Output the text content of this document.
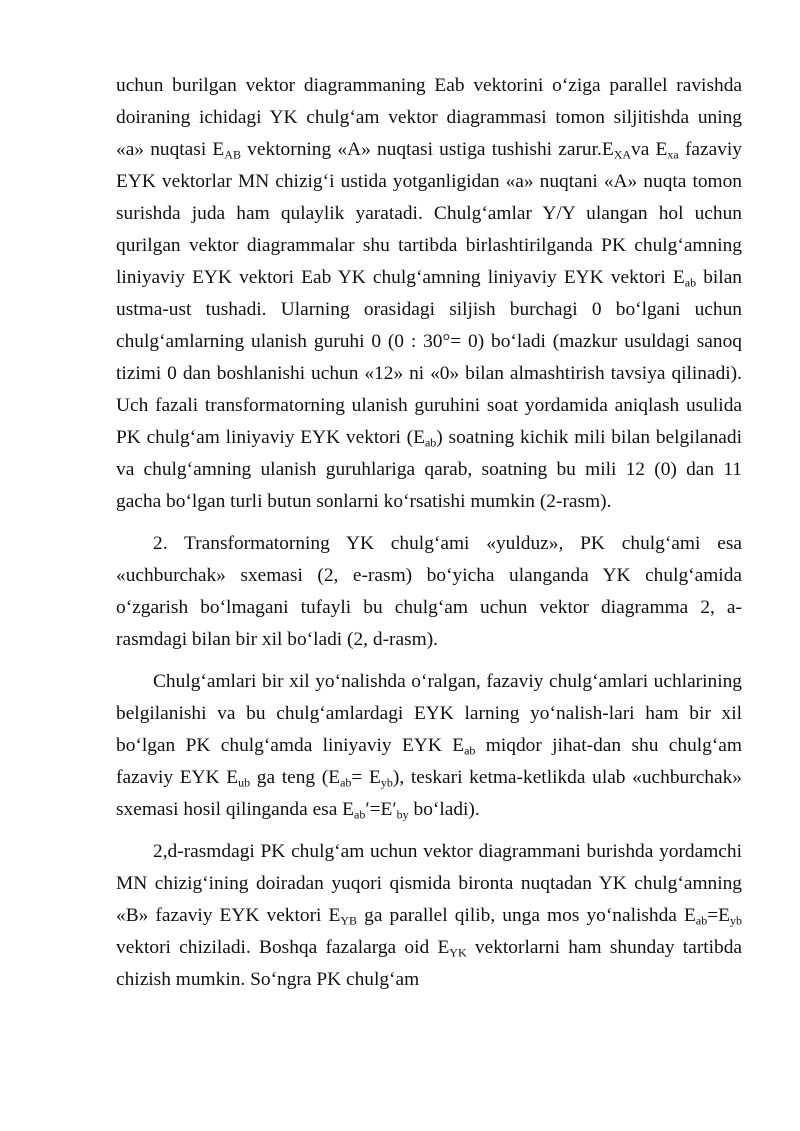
uchun burilgan vektor diagrammaning Eab vektorini o‘ziga parallel ravishda doiraning ichidagi YK chulg‘am vektor diagrammasi tomon siljitishda uning «a» nuqtasi $E_{AB}$ vektorning «A» nuqtasi ustiga tushishi $zarur.E_{XA}va$ $E_{xa}$ fazaviy EYK vektorlar MN chizig‘i ustida yotganligidan «a» nuqtani «A» nuqta tomon surishda juda ham qulaylik yaratadi. Chulg‘amlar Y/Y ulangan hol uchun qurilgan vektor diagrammalar shu tartibda birlashtirilganda PK chulg‘amning liniyaviy EYK vektori Eab YK chulg‘amning liniyaviy EYK vektori $E_{ab}$ bilan ustma-ust tushadi. Ularning orasidagi siljish burchagi 0 bo‘lgani uchun chulg‘amlarning ulanish guruhi 0 (0 : 30°= 0) bo‘ladi (mazkur usuldagi sanoq tizimi 0 dan boshlanishi uchun «12» ni «0» bilan almashtirish tavsiya qilinadi). Uch fazali transformatorning ulanish guruhini soat yordamida aniqlash usulida PK chulg‘am liniyaviy EYK vektori $(E_{ab})$ soatning kichik mili bilan belgilanadi va chulg‘amning ulanish guruhlariga qarab, soatning bu mili 12 (0) dan 11 gacha bo‘lgan turli butun sonlarni ko‘rsatishi mumkin (2-rasm).

2. Transformatorning YK chulg‘ami «yulduz», PK chulg‘ami esa «uchburchak» sxemasi (2, e-rasm) bo‘yicha ulanganda YK chulg‘amida o‘zgarish bo‘lmagani tufayli bu chulg‘am uchun vektor diagramma 2, a-rasmdagi bilan bir xil bo‘ladi (2, d-rasm).

Chulg‘amlari bir xil yo‘nalishda o‘ralgan, fazaviy chulg‘amlari uchlarining belgilanishi va bu chulg‘amlardagi EYK larning yo‘nalish-lari ham bir xil bo‘lgan PK chulg‘amda liniyaviy EYK $E_{ab}$ miqdor jihat-dan shu chulg‘am fazaviy EYK $E_{ub}$ ga teng $(E_{ab}= E_{yb})$, teskari ketma-ketlikda ulab «uchburchak» sxemasi hosil qilinganda esa $E_{ab}'=E'_{by}$ bo‘ladi).

2,d-rasmdagi PK chulg‘am uchun vektor diagrammani burishda yordamchi MN chizig‘ining doiradan yuqori qismida bironta nuqtadan YK chulg‘amning «B» fazaviy EYK vektori $E_{YB}$ ga parallel qilib, unga mos yo‘nalishda $E_{ab}=E_{yb}$ vektori chiziladi. Boshqa fazalarga oid $E_{YK}$ vektorlarni ham shunday tartibda chizish mumkin. So‘ngra PK chulg‘am
